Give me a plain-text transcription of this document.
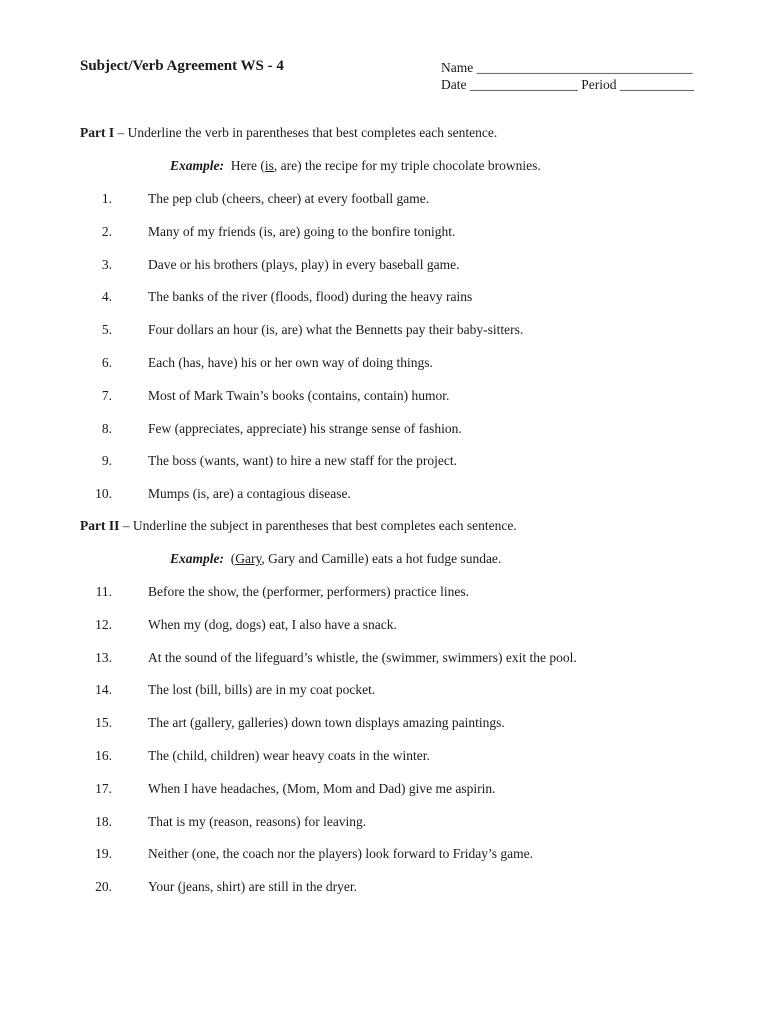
Subject/Verb Agreement WS - 4	Name ________________________________
Date ________________ Period ___________
Part I – Underline the verb in parentheses that best completes each sentence.
Example:  Here (is, are) the recipe for my triple chocolate brownies.
1.	The pep club (cheers, cheer) at every football game.
2.	Many of my friends (is, are) going to the bonfire tonight.
3.	Dave or his brothers (plays, play) in every baseball game.
4.	The banks of the river (floods, flood) during the heavy rains
5.	Four dollars an hour (is, are) what the Bennetts pay their baby-sitters.
6.	Each (has, have) his or her own way of doing things.
7.	Most of Mark Twain’s books (contains, contain) humor.
8.	Few (appreciates, appreciate) his strange sense of fashion.
9.	The boss (wants, want) to hire a new staff for the project.
10.	Mumps (is, are) a contagious disease.
Part II – Underline the subject in parentheses that best completes each sentence.
Example:  (Gary, Gary and Camille) eats a hot fudge sundae.
11.	Before the show, the (performer, performers) practice lines.
12.	When my (dog, dogs) eat, I also have a snack.
13.	At the sound of the lifeguard’s whistle, the (swimmer, swimmers) exit the pool.
14.	The lost (bill, bills) are in my coat pocket.
15.	The art (gallery, galleries) down town displays amazing paintings.
16.	The (child, children) wear heavy coats in the winter.
17.	When I have headaches, (Mom, Mom and Dad) give me aspirin.
18.	That is my (reason, reasons) for leaving.
19.	Neither (one, the coach nor the players) look forward to Friday’s game.
20.	Your (jeans, shirt) are still in the dryer.
